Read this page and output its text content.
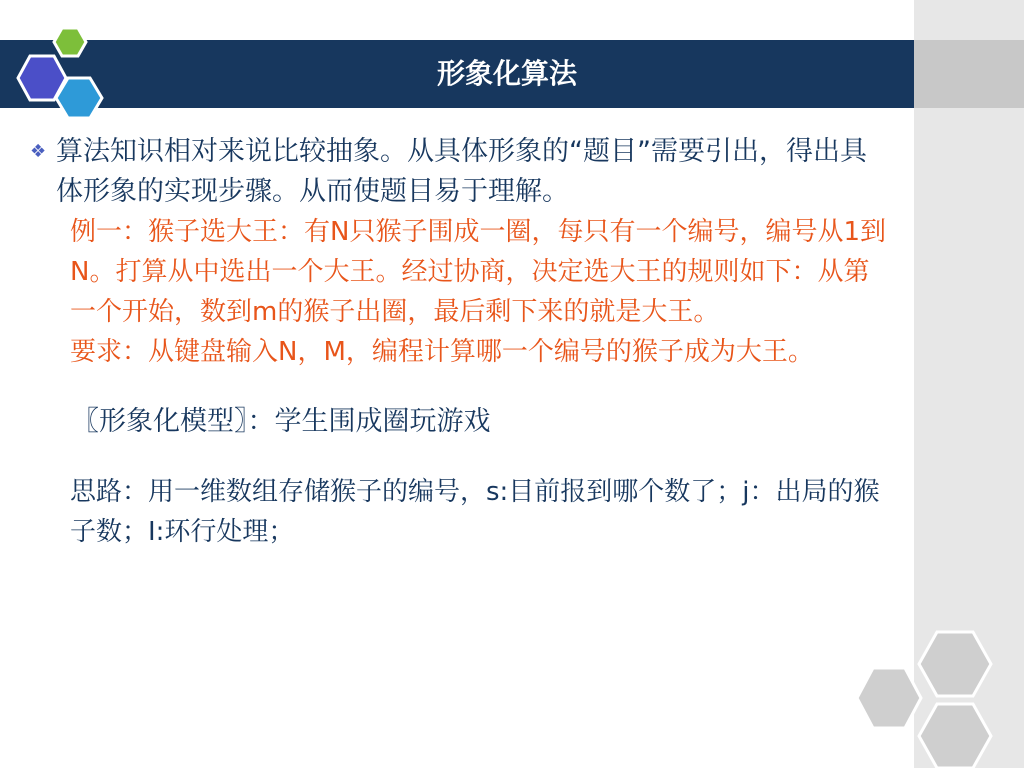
形象化算法
❖ 算法知识相对来说比较抽象。从具体形象的“题目”需要引出，得出具体形象的实现步骤。从而使题目易于理解。
例一：猴子选大王：有N只猴子围成一圈，每只有一个编号，编号从1到N。打算从中选出一个大王。经过协商，决定选大王的规则如下：从第一个开始，数到m的猴子出圈，最后剩下来的就是大王。
要求：从键盘输入N，M，编程计算哪一个编号的猴子成为大王。
〖形象化模型〗：学生围成圈玩游戏
思路：用一维数组存储猴子的编号，s:目前报到哪个数了；j：出局的猴子数；I:环行处理；
